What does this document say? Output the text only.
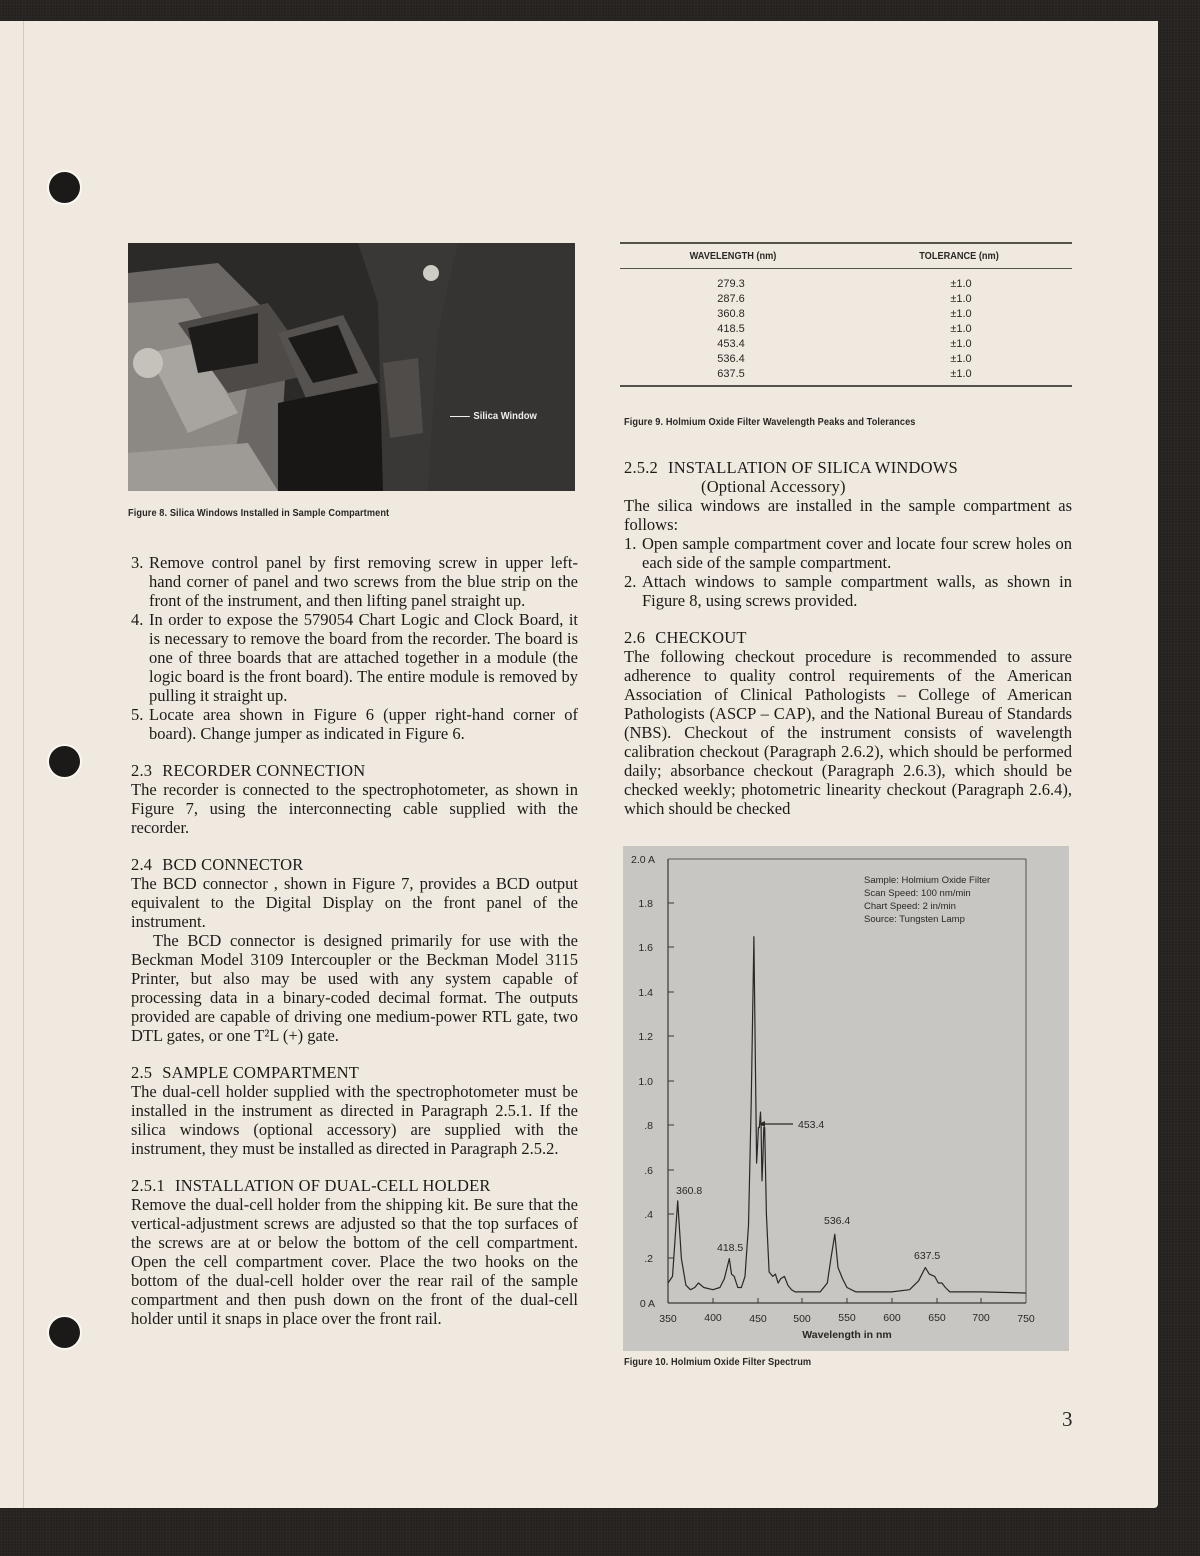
Silica Window
Figure 8. Silica Windows Installed in Sample Compartment
WAVELENGTH (nm)	TOLERANCE (nm)
279.3	±1.0
287.6	±1.0
360.8	±1.0
418.5	±1.0
453.4	±1.0
536.4	±1.0
637.5	±1.0
Figure 9. Holmium Oxide Filter Wavelength Peaks and Tolerances
3. Remove control panel by first removing screw in upper left-hand corner of panel and two screws from the blue strip on the front of the instrument, and then lifting panel straight up.
4. In order to expose the 579054 Chart Logic and Clock Board, it is necessary to remove the board from the recorder. The board is one of three boards that are attached together in a module (the logic board is the front board). The entire module is removed by pulling it straight up.
5. Locate area shown in Figure 6 (upper right-hand corner of board). Change jumper as indicated in Figure 6.
2.3 RECORDER CONNECTION

The recorder is connected to the spectrophotometer, as shown in Figure 7, using the interconnecting cable supplied with the recorder.

2.4 BCD CONNECTOR

The BCD connector , shown in Figure 7, provides a BCD output equivalent to the Digital Display on the front panel of the instrument.

The BCD connector is designed primarily for use with the Beckman Model 3109 Intercoupler or the Beckman Model 3115 Printer, but also may be used with any system capable of processing data in a binary-coded decimal format. The outputs provided are capable of driving one medium-power RTL gate, two DTL gates, or one T²L (+) gate.

2.5 SAMPLE COMPARTMENT

The dual-cell holder supplied with the spectrophotometer must be installed in the instrument as directed in Paragraph 2.5.1. If the silica windows (optional accessory) are supplied with the instrument, they must be installed as directed in Paragraph 2.5.2.

2.5.1 INSTALLATION OF DUAL-CELL HOLDER

Remove the dual-cell holder from the shipping kit. Be sure that the vertical-adjustment screws are adjusted so that the top surfaces of the screws are at or below the bottom of the cell compartment. Open the cell compartment cover. Place the two hooks on the bottom of the dual-cell holder over the rear rail of the sample compartment and then push down on the front of the dual-cell holder until it snaps in place over the front rail.

2.5.2 INSTALLATION OF SILICA WINDOWS
(Optional Accessory)

The silica windows are installed in the sample compartment as follows:

1. Open sample compartment cover and locate four screw holes on each side of the sample compartment.
2. Attach windows to sample compartment walls, as shown in Figure 8, using screws provided.
2.6 CHECKOUT

The following checkout procedure is recommended to assure adherence to quality control requirements of the American Association of Clinical Pathologists – College of American Pathologists (ASCP – CAP), and the National Bureau of Standards (NBS). Checkout of the instrument consists of wavelength calibration checkout (Paragraph 2.6.2), which should be performed daily; absorbance checkout (Paragraph 2.6.3), which should be checked weekly; photometric linearity checkout (Paragraph 2.6.4), which should be checked

2.0 A
1.8
1.6
1.4
1.2
1.0
.8
.6
.4
.2
0 A
350	400	450	500	550	600	650	700	750
Wavelength in nm
Sample: Holmium Oxide Filter
Scan Speed: 100 nm/min
Chart Speed: 2 in/min
Source: Tungsten Lamp
360.8
418.5
453.4
536.4
637.5
Figure 10. Holmium Oxide Filter Spectrum
3
